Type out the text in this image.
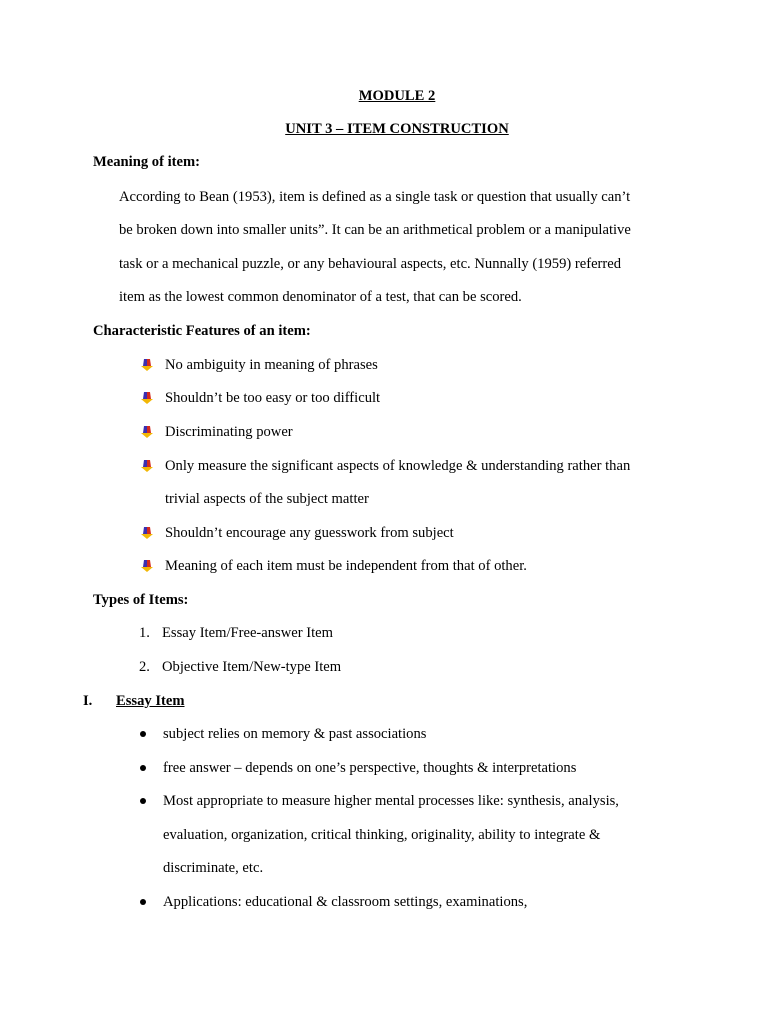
MODULE 2
UNIT 3 – ITEM CONSTRUCTION
Meaning of item:
According to Bean (1953), item is defined as a single task or question that usually can’t
be broken down into smaller units”. It can be an arithmetical problem or a manipulative
task or a mechanical puzzle, or any behavioural aspects, etc. Nunnally (1959) referred
item as the lowest common denominator of a test, that can be scored.
Characteristic Features of an item:
No ambiguity in meaning of phrases
Shouldn’t be too easy or too difficult
Discriminating power
Only measure the significant aspects of knowledge & understanding rather than
trivial aspects of the subject matter
Shouldn’t encourage any guesswork from subject
Meaning of each item must be independent from that of other.
Types of Items:
1. Essay Item/Free-answer Item
2. Objective Item/New-type Item
I. Essay Item
subject relies on memory & past associations
free answer – depends on one’s perspective, thoughts & interpretations
Most appropriate to measure higher mental processes like: synthesis, analysis,
evaluation, organization, critical thinking, originality, ability to integrate &
discriminate, etc.
Applications: educational & classroom settings, examinations,
